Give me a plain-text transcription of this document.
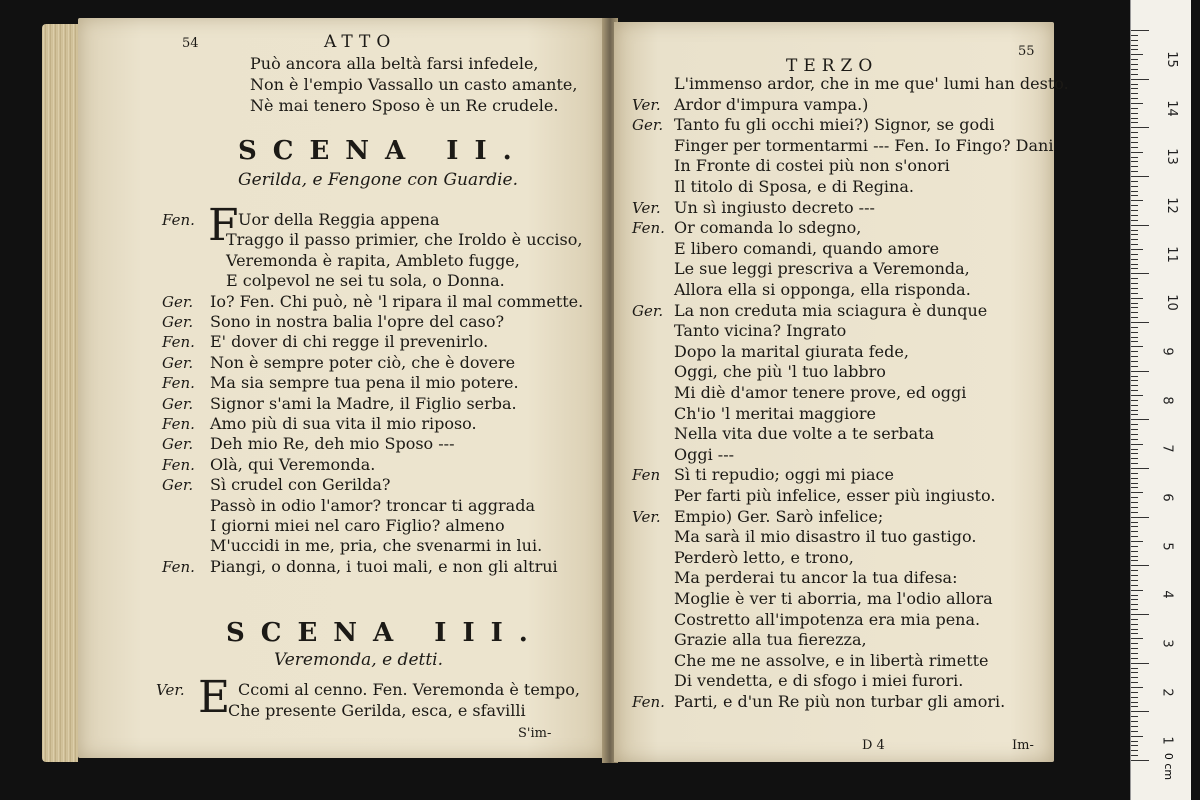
54	ATTO
Può ancora alla beltà farsi infedele,
Non è l'empio Vassallo un casto amante,
Nè mai tenero Sposo è un Re crudele.
SCENA II.
Gerilda, e Fengone con Guardie.
F
Fen.	Uor della Reggia appena
Traggo il passo primier, che Iroldo è ucciso,
Veremonda è rapita, Ambleto fugge,
E colpevol ne sei tu sola, o Donna.
Ger. Io? Fen. Chi può, nè 'l ripara il mal commette.
Ger. Sono in nostra balia l'opre del caso?
Fen. E' dover di chi regge il prevenirlo.
Ger. Non è sempre poter ciò, che è dovere
Fen. Ma sia sempre tua pena il mio potere.
Ger. Signor s'ami la Madre, il Figlio serba.
Fen. Amo più di sua vita il mio riposo.
Ger. Deh mio Re, deh mio Sposo ---
Fen. Olà, qui Veremonda.
Ger. Sì crudel con Gerilda?
Passò in odio l'amor? troncar ti aggrada
I giorni miei nel caro Figlio? almeno
M'uccidi in me, pria, che svenarmi in lui.
Fen. Piangi, o donna, i tuoi mali, e non gli altrui
SCENA III.
Veremonda, e detti.
E
Ver.	Ccomi al cenno. Fen. Veremonda è tempo,
Che presente Gerilda, esca, e sfavilli
S'im-
TERZO
55
L'immenso ardor, che in me que' lumi han desto.
Ver. Ardor d'impura vampa.)
Ger. Tanto fu gli occhi miei?) Signor, se godi
Finger per tormentarmi --- Fen. Io Fingo? Dani
In Fronte di costei più non s'onori
Il titolo di Sposa, e di Regina.
Ver. Un sì ingiusto decreto ---
Fen. Or comanda lo sdegno,
E libero comandi, quando amore
Le sue leggi prescriva a Veremonda,
Allora ella si opponga, ella risponda.
Ger. La non creduta mia sciagura è dunque
Tanto vicina? Ingrato
Dopo la marital giurata fede,
Oggi, che più 'l tuo labbro
Mi diè d'amor tenere prove, ed oggi
Ch'io 'l meritai maggiore
Nella vita due volte a te serbata
Oggi ---
Fen Sì ti repudio; oggi mi piace
Per farti più infelice, esser più ingiusto.
Ver. Empio) Ger. Sarò infelice;
Ma sarà il mio disastro il tuo gastigo.
Perderò letto, e trono,
Ma perderai tu ancor la tua difesa:
Moglie è ver ti aborria, ma l'odio allora
Costretto all'impotenza era mia pena.
Grazie alla tua fierezza,
Che me ne assolve, e in libertà rimette
Di vendetta, e di sfogo i miei furori.
Fen. Parti, e d'un Re più non turbar gli amori.
D 4	Im-
15
14
13
12
11
10
9
8
7
6
5
4
3
2
1
0 cm
